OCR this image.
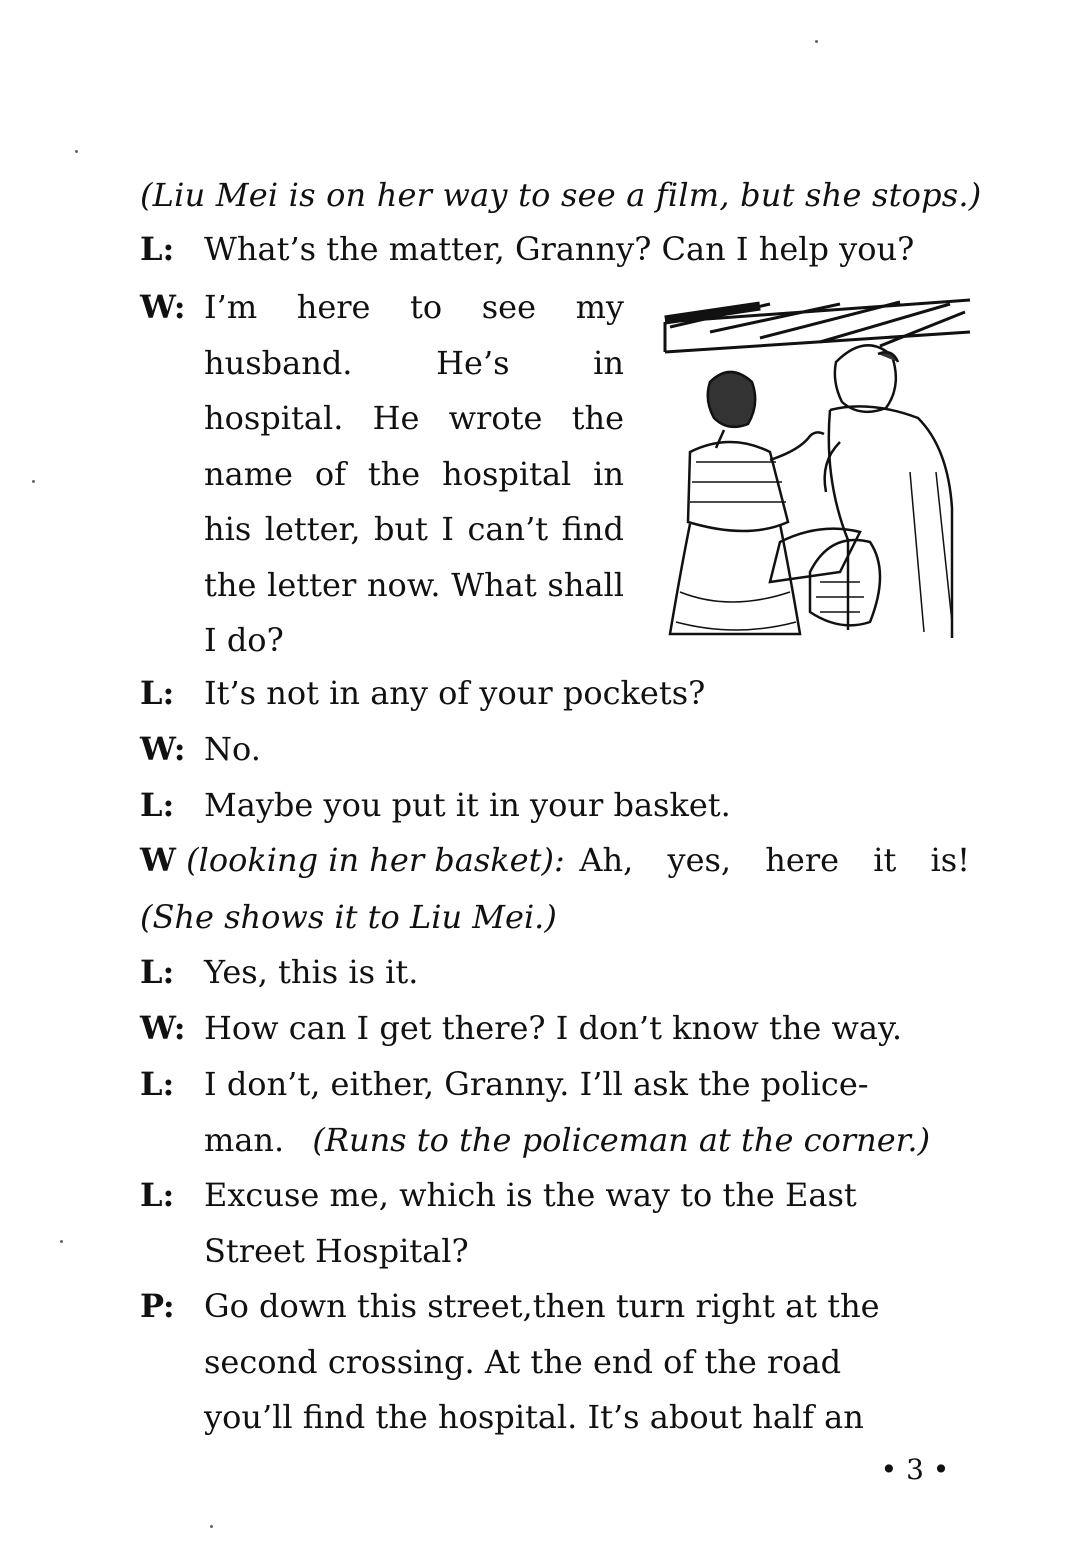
(Liu Mei is on her way to see a film, but she stops.)
L: What’s the matter, Granny? Can I help you?
W: I’m here to see my husband. He’s in hospital. He wrote the name of the hospital in his letter, but I can’t find the letter now. What shall I do?
L: It’s not in any of your pockets?
W: No.
L: Maybe you put it in your basket.
W (looking in her basket): Ah, yes, here it is!
(She shows it to Liu Mei.)
L: Yes, this is it.
W: How can I get there? I don’t know the way.
L: I don’t, either, Granny. I’ll ask the police-
man. (Runs to the policeman at the corner.)
L: Excuse me, which is the way to the East
Street Hospital?
P: Go down this street,then turn right at the
second crossing. At the end of the road
you’ll find the hospital. It’s about half an
• 3 •
